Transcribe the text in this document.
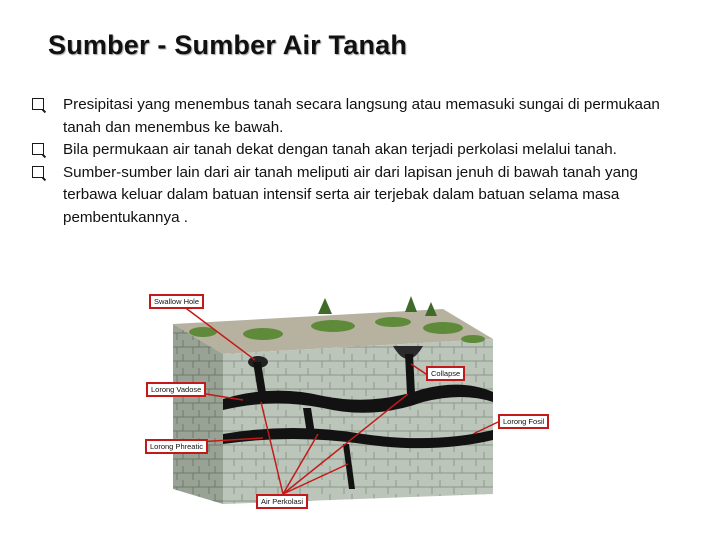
Sumber - Sumber Air Tanah
Presipitasi yang menembus tanah secara langsung atau memasuki sungai di permukaan tanah dan menembus ke bawah.
Bila permukaan air tanah dekat dengan tanah akan terjadi perkolasi melalui tanah.
Sumber-sumber lain dari air tanah meliputi air dari lapisan jenuh di bawah tanah yang terbawa keluar dalam batuan intensif serta air terjebak dalam batuan selama masa pembentukannya .
Swallow Hole
Collapse
Lorong Vadose
Lorong Fosil
Lorong Phreatic
Air Perkolasi
